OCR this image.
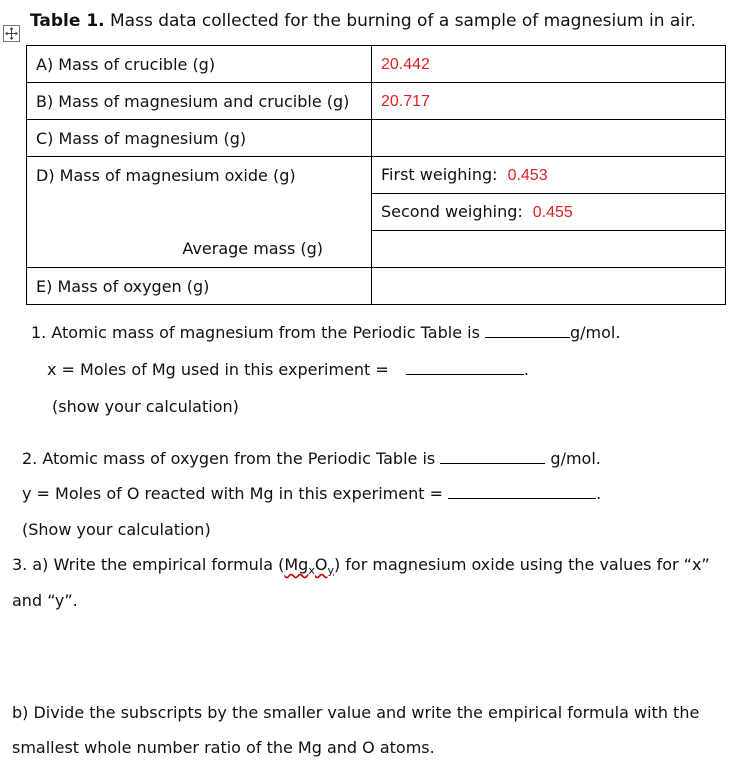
Table 1. Mass data collected for the burning of a sample of magnesium in air.
A) Mass of crucible (g)	20.442
B) Mass of magnesium and crucible (g)	20.717
C) Mass of magnesium (g)	
D) Mass of magnesium oxide (g)	First weighing: 0.453
	Second weighing: 0.455
Average mass (g)	
E) Mass of oxygen (g)	
1. Atomic mass of magnesium from the Periodic Table is	g/mol.
x = Moles of Mg used in this experiment =	.
(show your calculation)
2. Atomic mass of oxygen from the Periodic Table is	g/mol.
y = Moles of O reacted with Mg in this experiment =	.
(Show your calculation)
3. a) Write the empirical formula $(Mg_xO_y)$ for magnesium oxide using the values for “x”
and “y”.
b) Divide the subscripts by the smaller value and write the empirical formula with the
smallest whole number ratio of the Mg and O atoms.
